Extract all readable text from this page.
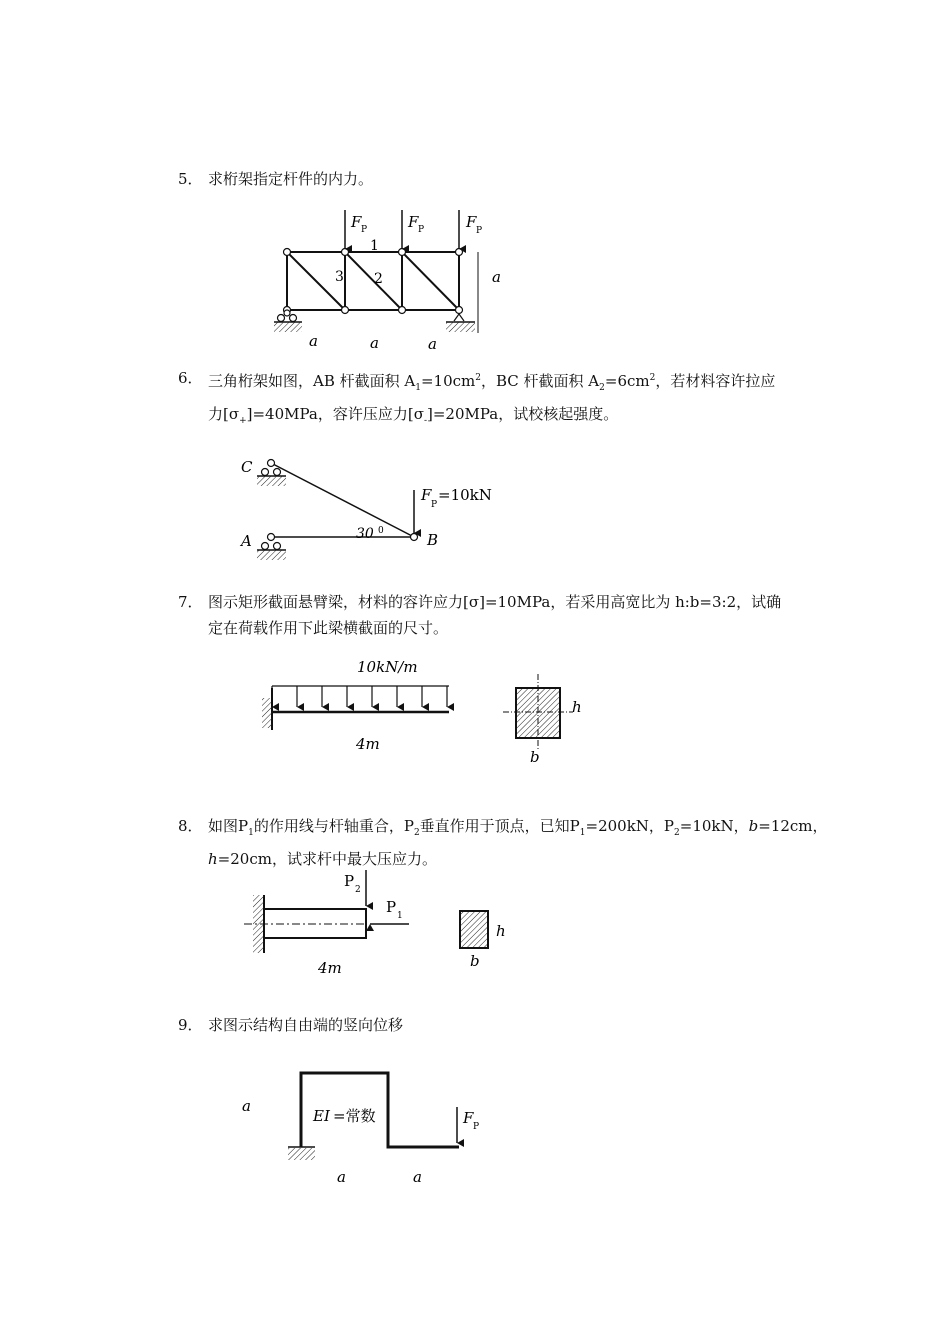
5． 求桁架指定杆件的内力。
F P	F P	F P
1
2
3	a
a	a	a
C
A	B
F
P
=10kN
30 0
10kN/m
4m
h
b
P 2
P 1
4m
h
b
a
EI =常数	F P
a	a
6． 三角桁架如图，AB 杆截面积 $A_1=10cm^2$，BC 杆截面积 $A_2=6cm^2$，若材料容许拉应
力$[\sigma_+]=40MPa$，容许压应力$[\sigma_-]=20MPa$，试校核起强度。
7． 图示矩形截面悬臂梁，材料的容许应力[σ]=10MPa，若采用高宽比为 h:b=3:2，试确
定在荷载作用下此梁横截面的尺寸。
8． 如图$P_1$的作用线与杆轴重合，$P_2$垂直作用于顶点，已知$P_1=200kN$，$P_2=10kN$，b=12cm，
h=20cm，试求杆中最大压应力。
9． 求图示结构自由端的竖向位移
